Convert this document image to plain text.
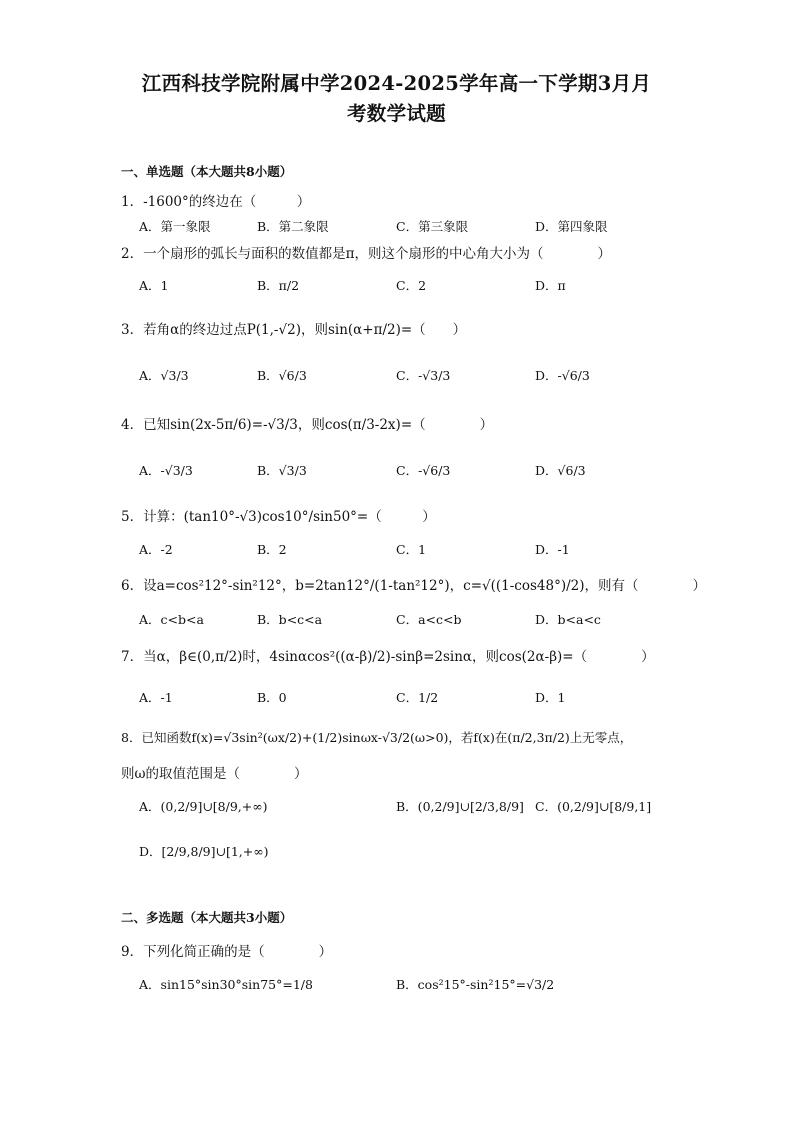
江西科技学院附属中学2024-2025学年高一下学期3月月
考数学试题
一、单选题（本大题共8小题）
1．-1600°的终边在（　　　）
A．第一象限	B．第二象限	C．第三象限	D．第四象限
2．一个扇形的弧长与面积的数值都是π，则这个扇形的中心角大小为（　　　　）
A．1	B．π/2	C．2	D．π
3．若角α的终边过点P(1,-√2)，则sin(α+π/2)=（　　）
A．√3/3	B．√6/3	C．-√3/3	D．-√6/3
4．已知sin(2x-5π/6)=-√3/3，则cos(π/3-2x)=（　　　　）
A．-√3/3	B．√3/3	C．-√6/3	D．√6/3
5．计算：(tan10°-√3)cos10°/sin50°=（　　　）
A．-2	B．2	C．1	D．-1
6．设a=cos²12°-sin²12°，b=2tan12°/(1-tan²12°)，c=√((1-cos48°)/2)，则有（　　　　）
A．c<b<a	B．b<c<a	C．a<c<b	D．b<a<c
7．当α，β∈(0,π/2)时，4sinαcos²((α-β)/2)-sinβ=2sinα，则cos(2α-β)=（　　　　）
A．-1	B．0	C．1/2	D．1
8．已知函数f(x)=√3sin²(ωx/2)+(1/2)sinωx-√3/2(ω>0)，若f(x)在(π/2,3π/2)上无零点，
则ω的取值范围是（　　　　）
A．(0,2/9]∪[8/9,+∞)	B．(0,2/9]∪[2/3,8/9] C．(0,2/9]∪[8/9,1]
D．[2/9,8/9]∪[1,+∞)
二、多选题（本大题共3小题）
9．下列化简正确的是（　　　　）
A．sin15°sin30°sin75°=1/8	B．cos²15°-sin²15°=√3/2
